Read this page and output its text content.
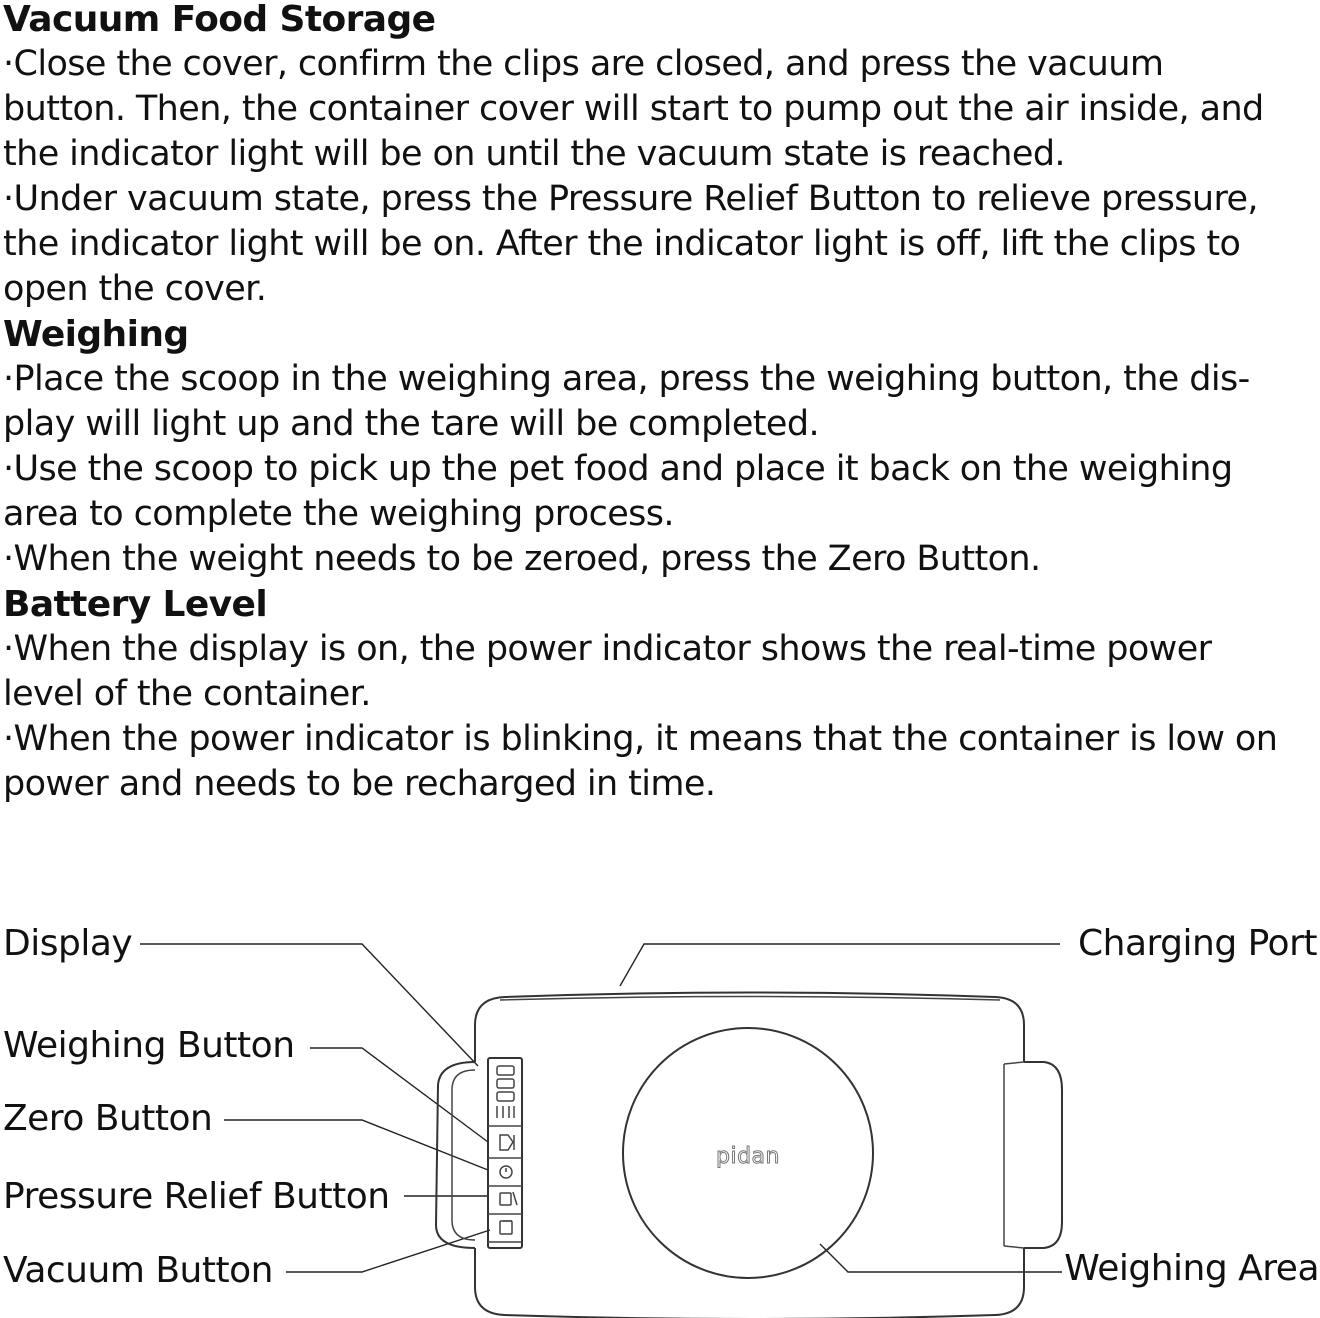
Vacuum Food Storage
·Close the cover, confirm the clips are closed, and press the vacuum
button. Then, the container cover will start to pump out the air inside, and
the indicator light will be on until the vacuum state is reached.
·Under vacuum state, press the Pressure Relief Button to relieve pressure,
the indicator light will be on. After the indicator light is off, lift the clips to
open the cover.
Weighing
·Place the scoop in the weighing area, press the weighing button, the dis-
play will light up and the tare will be completed.
·Use the scoop to pick up the pet food and place it back on the weighing
area to complete the weighing process.
·When the weight needs to be zeroed, press the Zero Button.
Battery Level
·When the display is on, the power indicator shows the real-time power
level of the container.
·When the power indicator is blinking, it means that the container is low on
power and needs to be recharged in time.
Display
Weighing Button
Zero Button
Pressure Relief Button
Vacuum Button
Charging Port
Weighing Area
pidan
